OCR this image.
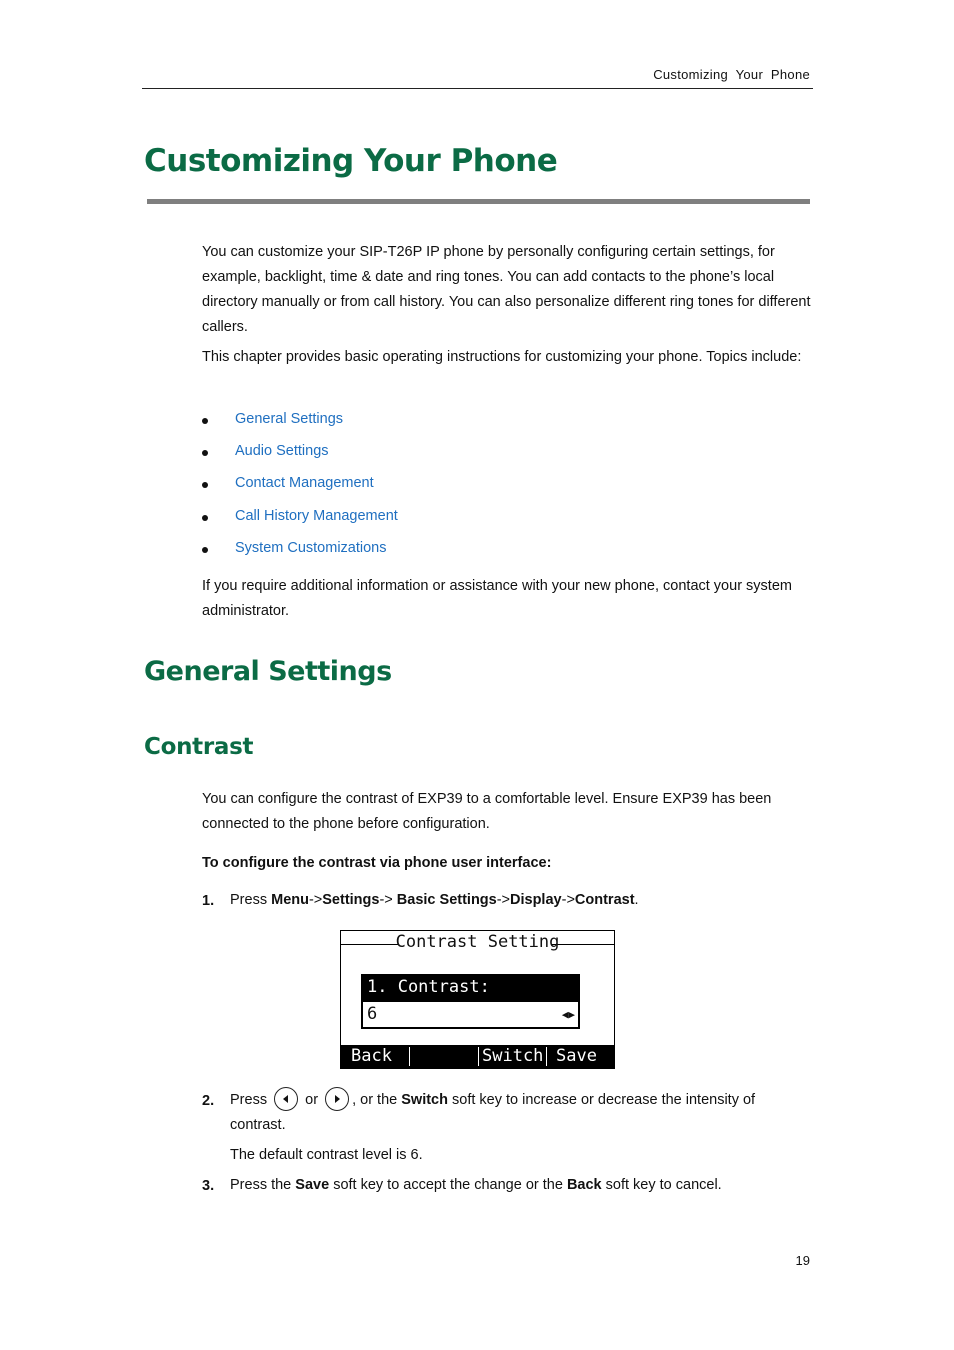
Customizing  Your  Phone
Customizing Your Phone
You can customize your SIP-T26P IP phone by personally configuring certain settings, for example, backlight, time & date and ring tones. You can add contacts to the phone’s local directory manually or from call history. You can also personalize different ring tones for different callers.
This chapter provides basic operating instructions for customizing your phone. Topics include:
General Settings
Audio Settings
Contact Management
Call History Management
System Customizations
If you require additional information or assistance with your new phone, contact your system administrator.
General Settings
Contrast
You can configure the contrast of EXP39 to a comfortable level. Ensure EXP39 has been connected to the phone before configuration.
To configure the contrast via phone user interface:
1. Press Menu->Settings-> Basic Settings->Display->Contrast.
Contrast Setting
1. Contrast:
6	◀▶
Back	Switch Save
2. Press	or , or the Switch soft key to increase or decrease the intensity of contrast.
The default contrast level is 6.
3. Press the Save soft key to accept the change or the Back soft key to cancel.
19
